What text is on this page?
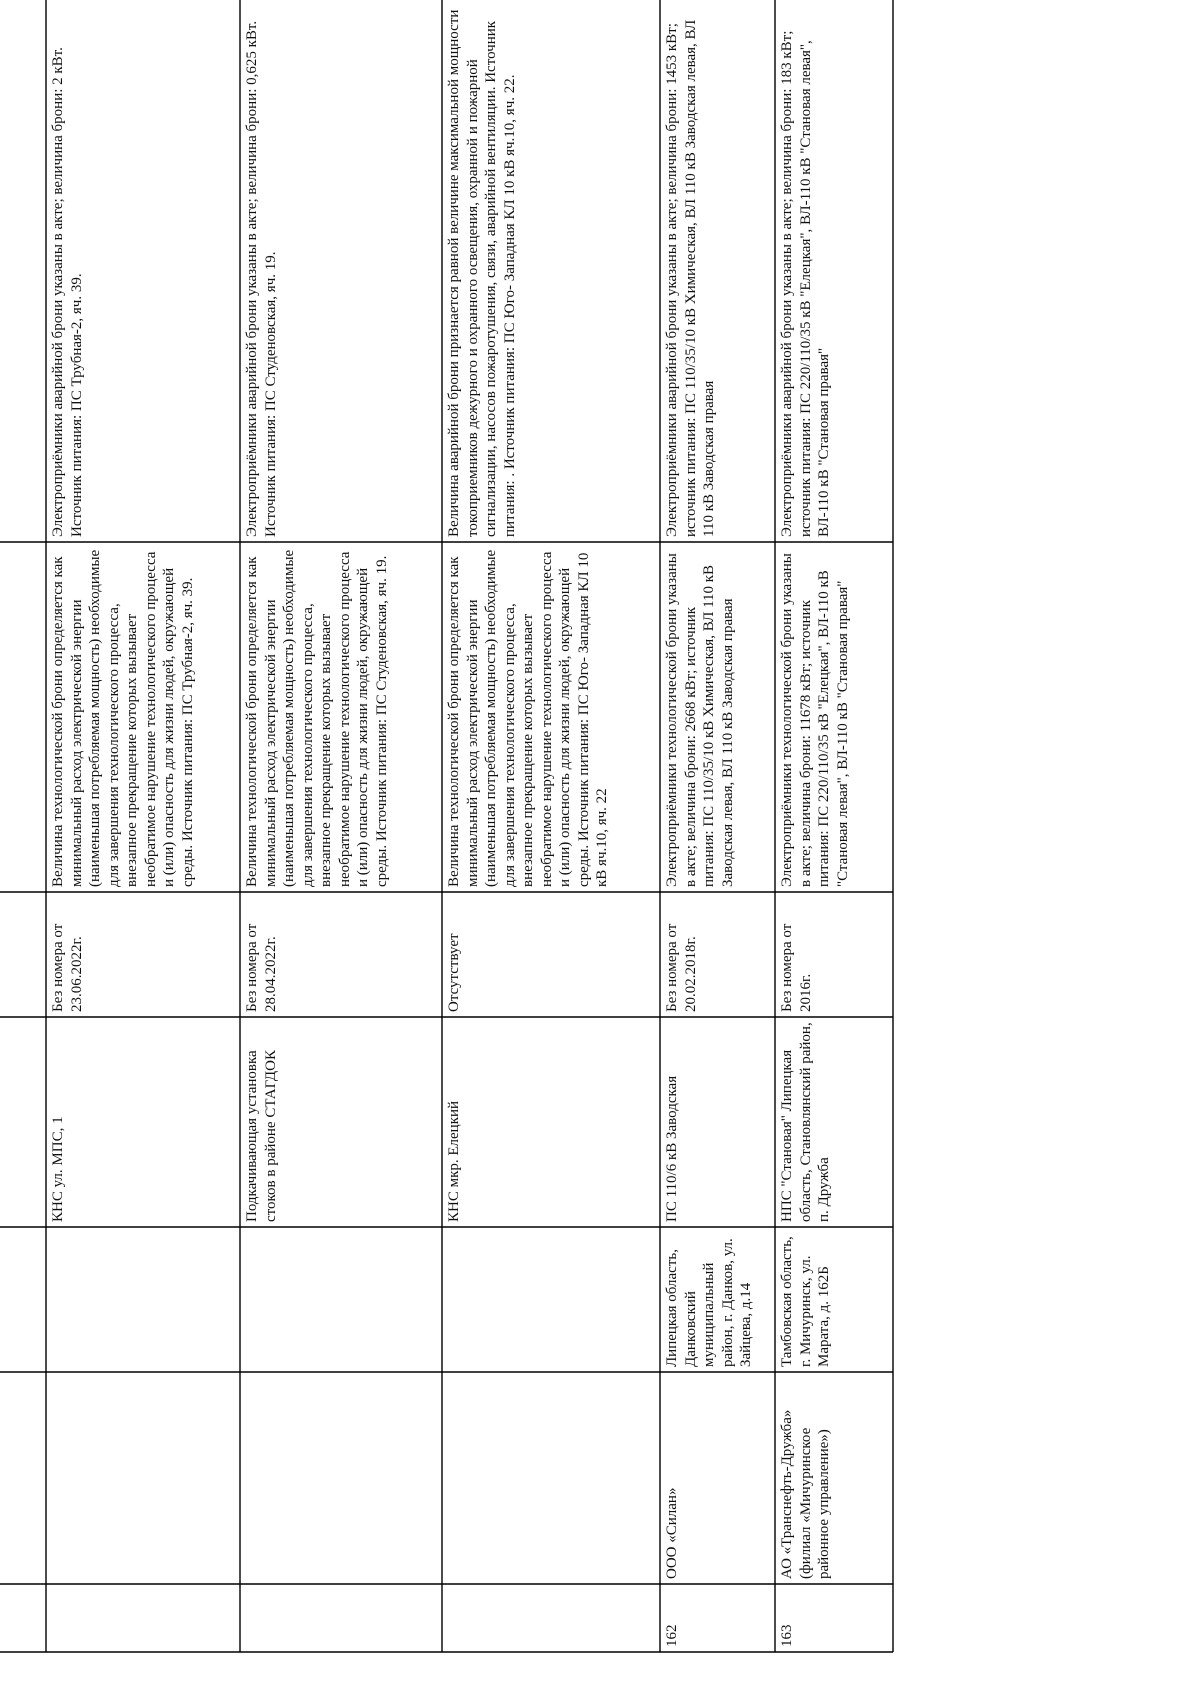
КНС ул. МПС, 1
Без номера от 23.06.2022г.
Величина технологической брони определяется как минимальный расход электрической энергии (наименьшая потребляемая мощность) необходимые для завершения технологического процесса, внезапное прекращение которых вызывает необратимое нарушение технологического процесса и (или) опасность для жизни людей, окружающей среды. Источник питания: ПС Трубная-2, яч. 39.
Электроприёмники аварийной брони указаны в акте; величина брони: 2 кВт. Источник питания: ПС Трубная-2, яч. 39.
Подкачивающая установка стоков в районе СТАГДОК
Без номера от 28.04.2022г.
Величина технологической брони определяется как минимальный расход электрической энергии (наименьшая потребляемая мощность) необходимые для завершения технологического процесса, внезапное прекращение которых вызывает необратимое нарушение технологического процесса и (или) опасность для жизни людей, окружающей среды. Источник питания: ПС Студеновская, яч. 19.
Электроприёмники аварийной брони указаны в акте; величина брони: 0,625 кВт. Источник питания: ПС Студеновская, яч. 19.
КНС мкр. Елецкий
Отсутствует
Величина технологической брони определяется как минимальный расход электрической энергии (наименьшая потребляемая мощность) необходимые для завершения технологического процесса, внезапное прекращение которых вызывает необратимое нарушение технологического процесса и (или) опасность для жизни людей, окружающей среды. Источник питания: ПС Юго- Западная КЛ 10 кВ яч.10, яч. 22
Величина аварийной брони признается равной величине максимальной мощности токоприемников дежурного и охранного освещения, охранной и пожарной сигнализации, насосов пожаротушения, связи, аварийной вентиляции. Источник питания: . Источник питания: ПС Юго- Западная КЛ 10 кВ яч.10, яч. 22.
162
ООО «Силан»
Липецкая область, Данковский муниципальный район, г. Данков, ул. Зайцева, д.14
ПС 110/6 кВ Заводская
Без номера от 20.02.2018г.
Электроприёмники технологической брони указаны в акте; величина брони: 2668 кВт; источник питания: ПС 110/35/10 кВ Химическая, ВЛ 110 кВ Заводская левая, ВЛ 110 кВ Заводская правая
Электроприёмники аварийной брони указаны в акте; величина брони: 1453 кВт; источник питания: ПС 110/35/10 кВ Химическая, ВЛ 110 кВ Заводская левая, ВЛ 110 кВ Заводская правая
163
АО «Транснефть-Дружба» (филиал «Мичуринское районное управление»)
Тамбовская область, г. Мичуринск, ул. Марата, д. 162Б
НПС "Становая" Липецкая область, Становлянский район, п. Дружба
Без номера от 2016г.
Электроприёмники технологической брони указаны в акте; величина брони: 11678 кВт; источник питания: ПС 220/110/35 кВ "Елецкая", ВЛ-110 кВ "Становая левая", ВЛ-110 кВ "Становая правая"
Электроприёмники аварийной брони указаны в акте; величина брони: 183 кВт; источник питания: ПС 220/110/35 кВ "Елецкая", ВЛ-110 кВ "Становая левая", ВЛ-110 кВ "Становая правая"
